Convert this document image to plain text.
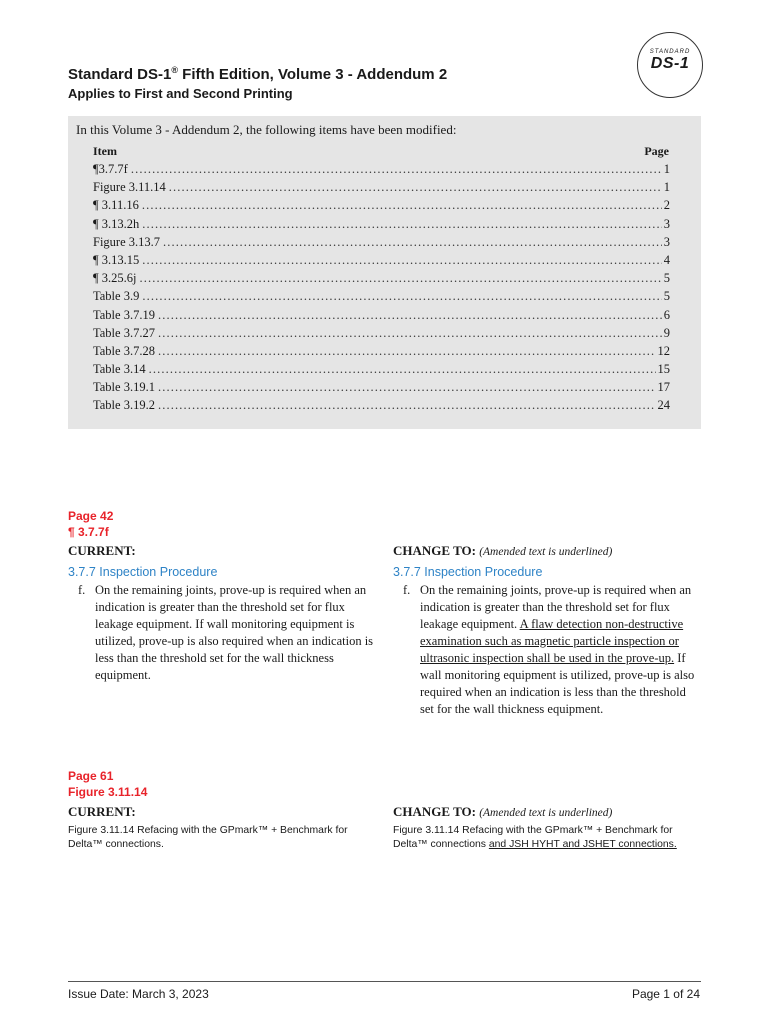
Standard DS-1® Fifth Edition, Volume 3 - Addendum 2

Applies to First and Second Printing

STANDARD
DS-1
In this Volume 3 - Addendum 2, the following items have been modified:
Item	Page
¶3.7.7f . . .	1
Figure 3.11.14 . . .	1
¶ 3.11.16 . . .	2
¶ 3.13.2h . . .	3
Figure 3.13.7 . . .	3
¶ 3.13.15 . . .	4
¶ 3.25.6j . . .	5
Table 3.9 . . .	5
Table 3.7.19 . . .	6
Table 3.7.27 . . .	9
Table 3.7.28 . . .	12
Table 3.14 . . .	15
Table 3.19.1 . . .	17
Table 3.19.2 . . .	24
Page 42
¶ 3.7.7f
CURRENT:	CHANGE TO: (Amended text is underlined)
3.7.7 Inspection Procedure	3.7.7 Inspection Procedure
f. On the remaining joints, prove-up is required when an indication is greater than the threshold set for flux leakage equipment. If wall monitoring equipment is utilized, prove-up is also required when an indication is less than the threshold set for the wall thickness equipment.
f. On the remaining joints, prove-up is required when an indication is greater than the threshold set for flux leakage equipment. A flaw detection non-destructive examination such as magnetic particle inspection or ultrasonic inspection shall be used in the prove-up. If wall monitoring equipment is utilized, prove-up is also required when an indication is less than the threshold set for the wall thickness equipment.
Page 61
Figure 3.11.14
CURRENT:	CHANGE TO: (Amended text is underlined)
Figure 3.11.14 Refacing with the GPmark™ + Benchmark for Delta™ connections.
Figure 3.11.14 Refacing with the GPmark™ + Benchmark for Delta™ connections and JSH HYHT and JSHET connections.
Issue Date: March 3, 2023	Page 1 of 24
